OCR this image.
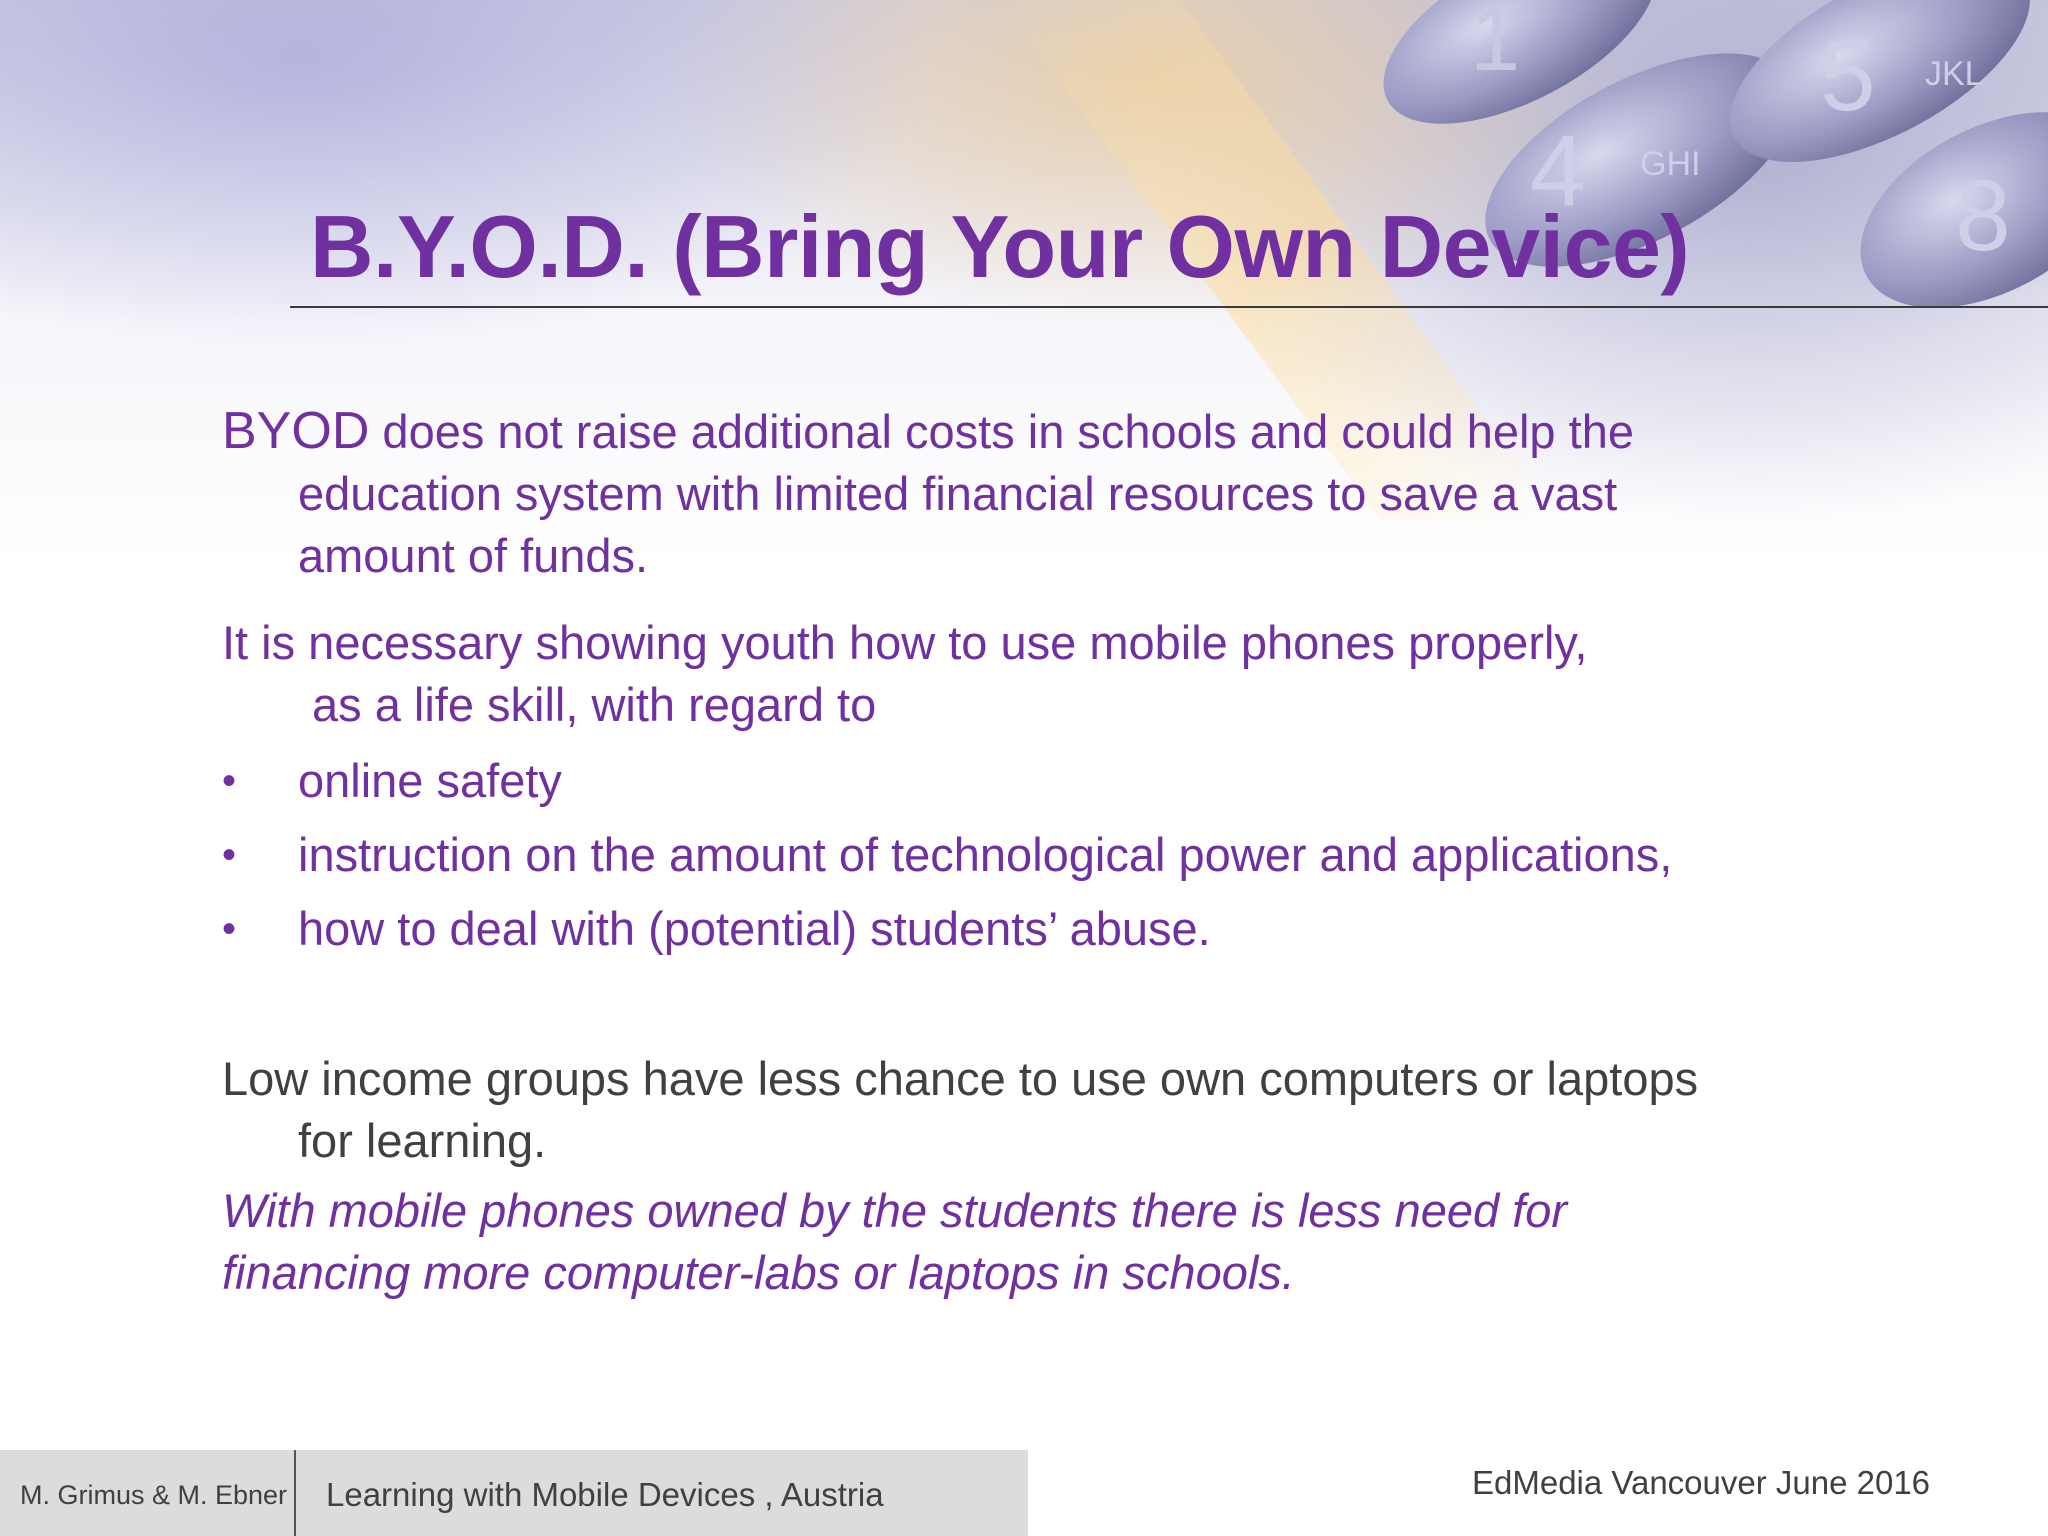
1
4 GHI
5 JKL
8
B.Y.O.D. (Bring Your Own Device)
BYOD does not raise additional costs in schools and could help the
education system with limited financial resources to save a vast
amount of funds.
It is necessary showing youth how to use mobile phones properly,
as a life skill, with regard to
• online safety
• instruction on the amount of technological power and applications,
• how to deal with (potential) students’ abuse.
Low income groups have less chance to use own computers or laptops
for learning.
With mobile phones owned by the students there is less need for
financing more computer-labs or laptops in schools.
M. Grimus & M. Ebner Learning with Mobile Devices , Austria	EdMedia Vancouver June 2016
